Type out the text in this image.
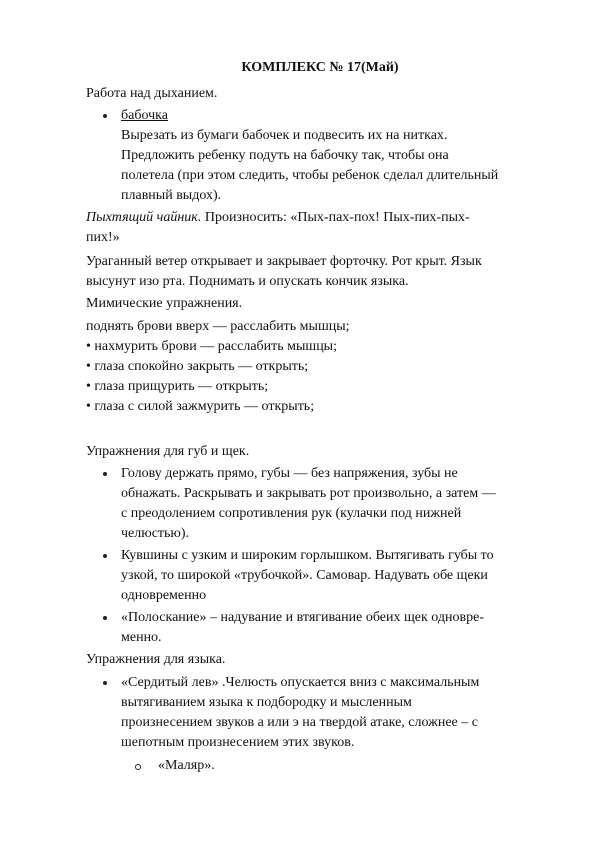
КОМПЛЕКС № 17(Май)
Работа над дыханием.
бабочка
Вырезать из бумаги бабочек и подвесить их на нитках.
Предложить ребенку подуть на бабочку так, чтобы она
полетела (при этом следить, чтобы ребенок сделал длительный
плавный выдох).
Пыхтящий чайник. Произносить: «Пых-пах-пох! Пых-пих-пых-
пих!»
Ураганный ветер открывает и закрывает форточку. Рот крыт. Язык
высунут изо рта. Поднимать и опускать кончик языка.
Мимические упражнения.
поднять брови вверх — расслабить мышцы;
• нахмурить брови — расслабить мышцы;
• глаза спокойно закрыть — открыть;
• глаза прищурить — открыть;
• глаза с силой зажмурить — открыть;
Упражнения для губ и щек.
Голову держать прямо, губы — без напряжения, зубы не
обнажать. Раскрывать и закрывать рот произвольно, а затем —
с преодолением сопротивления рук (кулачки под нижней
челюстью).
Кувшины с узким и широким горлышком. Вытягивать губы то
узкой, то широкой «трубочкой». Самовар. Надувать обе щеки
одновременно
«Полоскание» – надувание и втягивание обеих щек одновре-
менно.
Упражнения для языка.
«Сердитый лев» .Челюсть опускается вниз с максимальным
вытягиванием языка к подбородку и мысленным
произнесением звуков а или э на твердой атаке, сложнее – с
шепотным произнесением этих звуков.
«Маляр».
